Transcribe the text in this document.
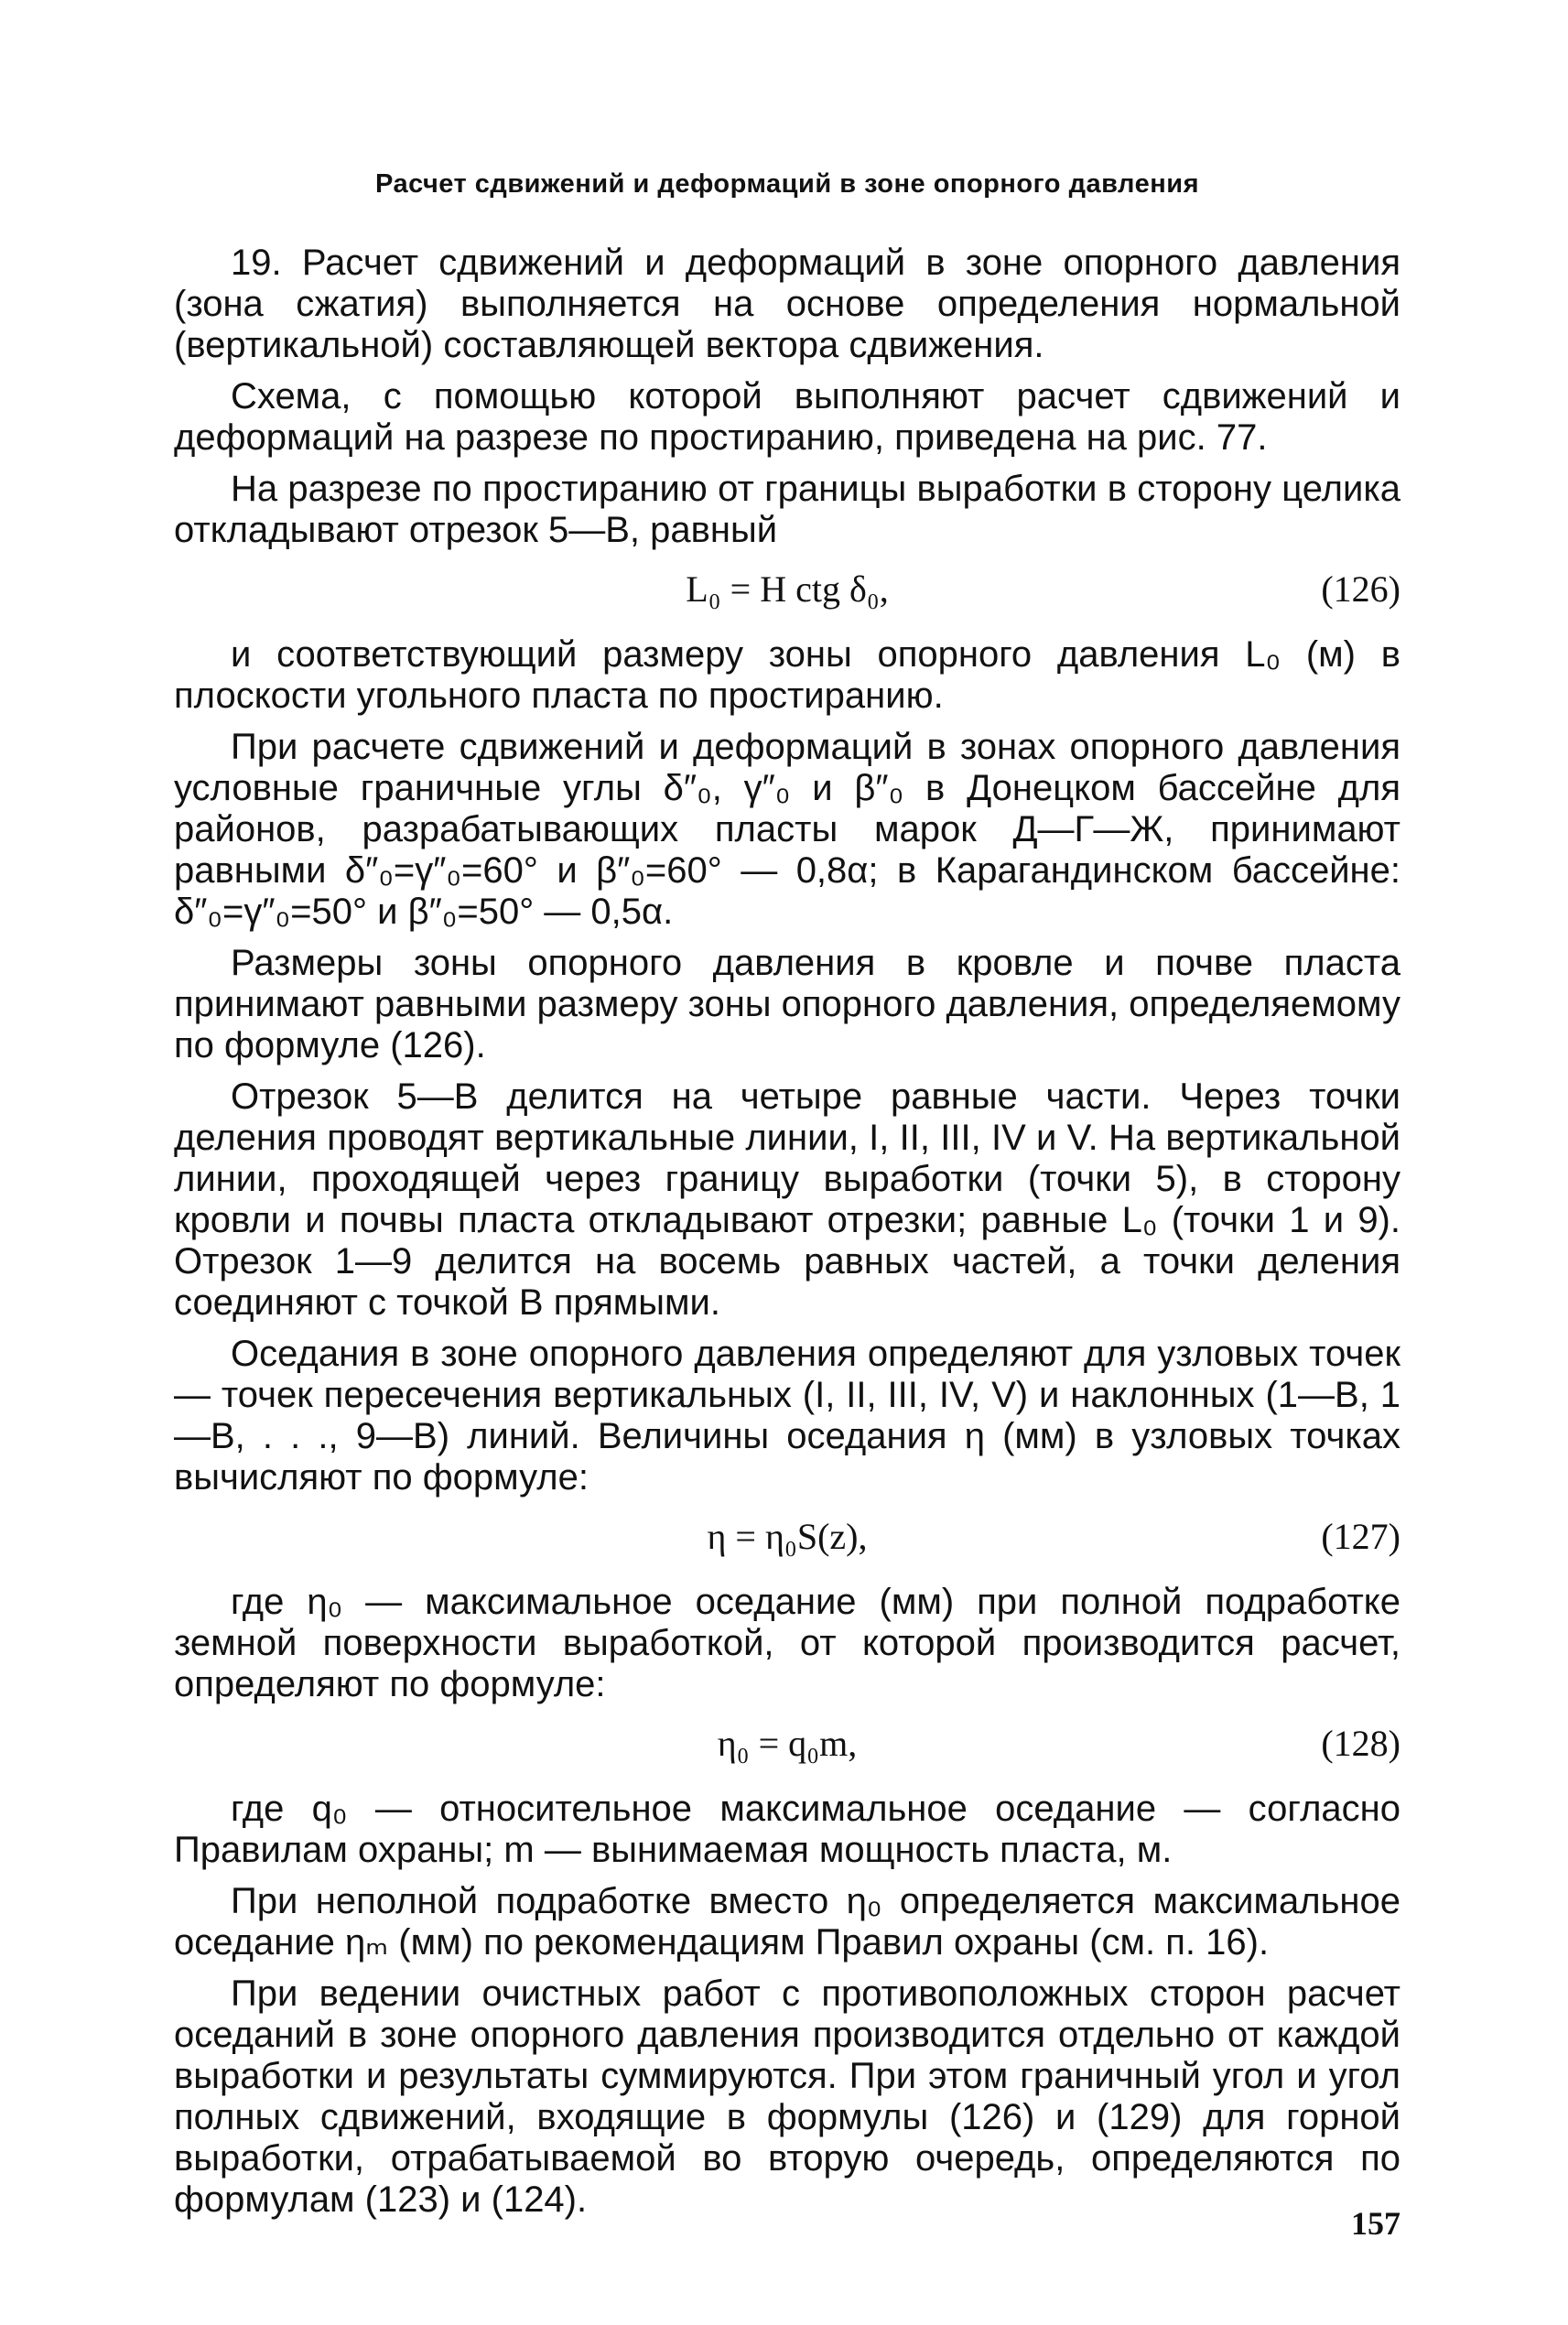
Расчет сдвижений и деформаций в зоне опорного давления

19. Расчет сдвижений и деформаций в зоне опорного давления (зона сжатия) выполняется на основе определения нормальной (вертикальной) составляющей вектора сдвижения.

Схема, с помощью которой выполняют расчет сдвижений и деформаций на разрезе по простиранию, приведена на рис. 77.

На разрезе по простиранию от границы выработки в сторону целика откладывают отрезок 5—В, равный

L₀ = H ctg δ₀,	(126)

и соответствующий размеру зоны опорного давления L₀ (м) в плоскости угольного пласта по простиранию.

При расчете сдвижений и деформаций в зонах опорного давления условные граничные углы δ″₀, γ″₀ и β″₀ в Донецком бассейне для районов, разрабатывающих пласты марок Д—Г—Ж, принимают равными δ″₀=γ″₀=60° и β″₀=60° — 0,8α; в Карагандинском бассейне: δ″₀=γ″₀=50° и β″₀=50° — 0,5α.

Размеры зоны опорного давления в кровле и почве пласта принимают равными размеру зоны опорного давления, определяемому по формуле (126).

Отрезок 5—В делится на четыре равные части. Через точки деления проводят вертикальные линии, I, II, III, IV и V. На вертикальной линии, проходящей через границу выработки (точки 5), в сторону кровли и почвы пласта откладывают отрезки; равные L₀ (точки 1 и 9). Отрезок 1—9 делится на восемь равных частей, а точки деления соединяют с точкой В прямыми.

Оседания в зоне опорного давления определяют для узловых точек — точек пересечения вертикальных (I, II, III, IV, V) и наклонных (1—В, 1—В, . . ., 9—В) линий. Величины оседания η (мм) в узловых точках вычисляют по формуле:

η = η₀S(z),	(127)

где η₀ — максимальное оседание (мм) при полной подработке земной поверхности выработкой, от которой производится расчет, определяют по формуле:

η₀ = q₀m,	(128)

где q₀ — относительное максимальное оседание — согласно Правилам охраны; m — вынимаемая мощность пласта, м.

При неполной подработке вместо η₀ определяется максимальное оседание ηₘ (мм) по рекомендациям Правил охраны (см. п. 16).

При ведении очистных работ с противоположных сторон расчет оседаний в зоне опорного давления производится отдельно от каждой выработки и результаты суммируются. При этом граничный угол и угол полных сдвижений, входящие в формулы (126) и (129) для горной выработки, отрабатываемой во вторую очередь, определяются по формулам (123) и (124).

157
